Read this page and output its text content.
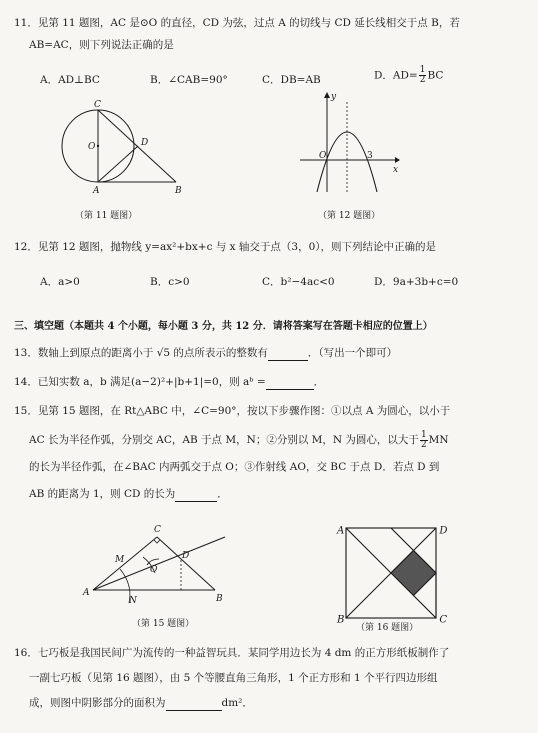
11．见第 11 题图，AC 是⊙O 的直径，CD 为弦，过点 A 的切线与 CD 延长线相交于点 B，若
AB=AC，则下列说法正确的是
A．AD⊥BC	B．∠CAB=90°	C．DB=AB	D．$AD= \frac{1}{2}$ BC
C
O	D
A	B
（第 11 题图）
y
O	3
x
（第 12 题图）
12．见第 12 题图，抛物线 y=ax²+bx+c 与 x 轴交于点（3，0），则下列结论中正确的是
A．a>0	B．c>0	C．b²−4ac<0	D．9a+3b+c=0
三、填空题（本题共 4 个小题，每小题 3 分，共 12 分．请将答案写在答题卡相应的位置上）
13．数轴上到原点的距离小于 √5 的点所表示的整数有	．（写出一个即可）
14．已知实数 a，b 满足(a−2)²+|b+1|=0，则 aᵇ =	．
15．见第 15 题图，在 Rt△ABC 中，∠C=90°，按以下步骤作图：①以点 A 为圆心，以小于
AC 长为半径作弧，分别交 AC，AB 于点 M，N；②分别以 M，N 为圆心，以大于 $\frac{1}{2}$ MN
的长为半径作弧，在∠BAC 内两弧交于点 O；③作射线 AO，交 BC 于点 D．若点 D 到
AB 的距离为 1，则 CD 的长为	．
C
M
O
D
A
N	B
（第 15 题图）
A	D
B	C
（第 16 题图）
16．七巧板是我国民间广为流传的一种益智玩具．某同学用边长为 4 dm 的正方形纸板制作了
一副七巧板（见第 16 题图），由 5 个等腰直角三角形，1 个正方形和 1 个平行四边形组
成，则图中阴影部分的面积为	dm²．
